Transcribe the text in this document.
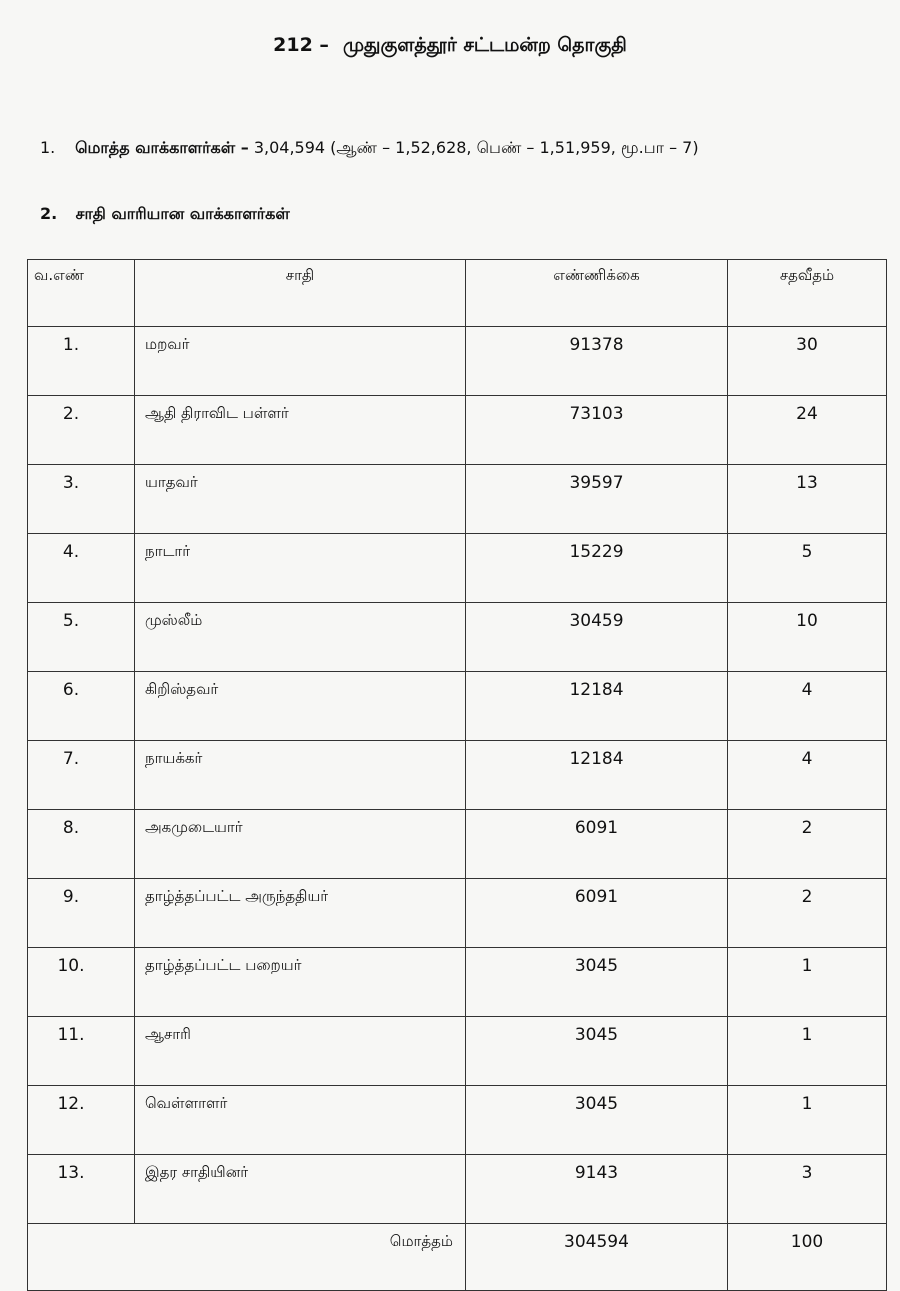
212 – முதுகுளத்தூர் சட்டமன்ற தொகுதி
1. மொத்த வாக்காளர்கள் – 3,04,594 (ஆண் – 1,52,628, பெண் – 1,51,959, மூ.பா – 7)
2. சாதி வாரியான வாக்காளர்கள்
வ.எண்	சாதி	எண்ணிக்கை	சதவீதம்
1.	மறவர்	91378	30
2.	ஆதி திராவிட பள்ளர்	73103	24
3.	யாதவர்	39597	13
4.	நாடார்	15229	5
5.	முஸ்லீம்	30459	10
6.	கிறிஸ்தவர்	12184	4
7.	நாயக்கர்	12184	4
8.	அகமுடையார்	6091	2
9.	தாழ்த்தப்பட்ட அருந்ததியர்	6091	2
10.	தாழ்த்தப்பட்ட பறையர்	3045	1
11.	ஆசாரி	3045	1
12.	வெள்ளாளர்	3045	1
13.	இதர சாதியினர்	9143	3
மொத்தம்		304594	100
